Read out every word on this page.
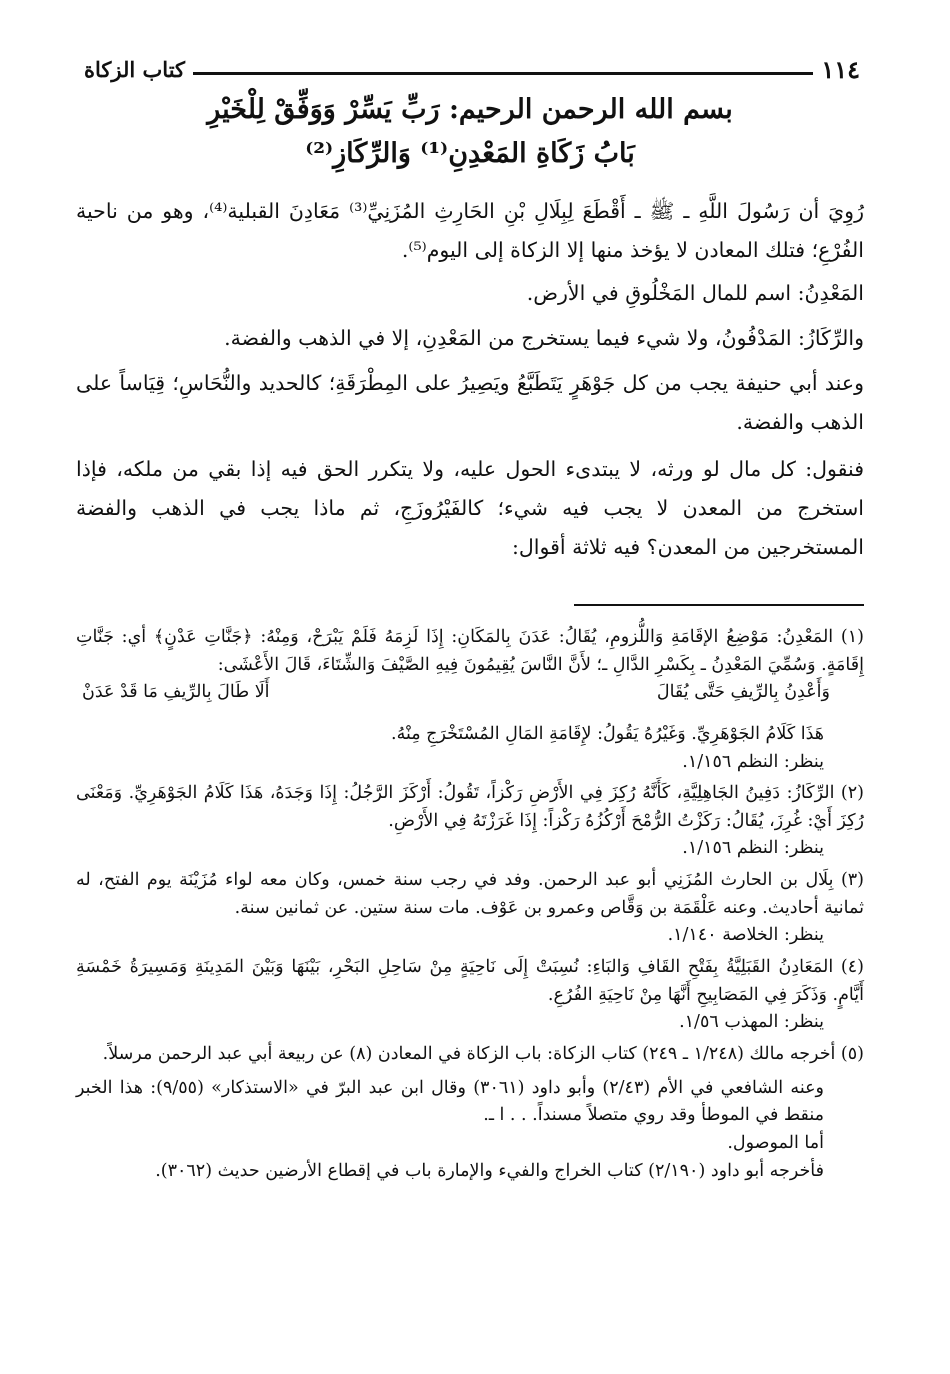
١١٤
كتاب الزكاة
بسم الله الرحمن الرحيم: رَبِّ يَسِّرْ وَوَفِّقْ لِلْخَيْرِ
بَابُ زَكَاةِ المَعْدِنِ⁽¹⁾ وَالرِّكَازِ⁽²⁾

رُوِيَ أن رَسُولَ اللَّهِ ـ ﷺ ـ أَقْطَعَ لِبِلَالِ بْنِ الحَارِثِ المُزَنِيِّ⁽³⁾ مَعَادِنَ القبلية⁽⁴⁾، وهو من ناحية الفُرْعِ؛ فتلك المعادن لا يؤخذ منها إلا الزكاة إلى اليوم⁽⁵⁾.

المَعْدِنُ: اسم للمال المَخْلُوقِ في الأرض.

والرِّكَازُ: المَدْفُونُ، ولا شيء فيما يستخرج من المَعْدِنِ، إلا في الذهب والفضة.

وعند أبي حنيفة يجب من كل جَوْهَرٍ يَتَطَبَّعُ ويَصِيرُ على المِطْرَقَةِ؛ كالحديد والنُّحَاسِ؛ قِيَاساً على الذهب والفضة.

فنقول: كل مال لو ورثه، لا يبتدىء الحول عليه، ولا يتكرر الحق فيه إذا بقي من ملكه، فإذا استخرج من المعدن لا يجب فيه شيء؛ كالفَيْرُوزَجِ، ثم ماذا يجب في الذهب والفضة المستخرجين من المعدن؟ فيه ثلاثة أقوال:

(١) المَعْدِنُ: مَوْضِعُ الإقَامَةِ وَاللُّزومِ، يُقَالُ: عَدَنَ بِالمَكَانِ: إِذَا لَزِمَهُ فَلَمْ يَبْرَحْ، وَمِنْهُ: ﴿جَنَّاتِ عَدْنٍ﴾ أي: جَنَّاتِ إِقَامَةٍ. وَسُمِّيَ المَعْدِنُ ـ بِكَسْرِ الدَّالِ ـ؛ لأَنَّ النَّاسَ يُقِيمُونَ فِيهِ الصَّيْفَ وَالشِّتَاءَ، قَالَ الأَعْشَى:

وَأَعْدِنُ بِالرِّيفِ حَتَّى يُقَالَ
أَلَا طَالَ بِالرِّيفِ مَا قَدْ عَدَنْ

هَذَا كَلَامُ الجَوْهَرِيِّ. وَغَيْرُهُ يَقُولُ: لإِقَامَةِ المَالِ المُسْتَخْرَجِ مِنْهُ.

ينظر: النظم ١/١٥٦.

(٢) الرِّكَازُ: دَفِينُ الجَاهِلِيَّةِ، كَأَنَّهُ رُكِزَ فِي الأَرْضِ رَكْزاً، تَقُولُ: أَرْكَزَ الرَّجُلُ: إِذَا وَجَدَهُ، هَذَا كَلَامُ الجَوْهَرِيِّ. وَمَعْنَى رُكِزَ أَيْ: غُرِزَ، يُقَالُ: رَكَزْتُ الرُّمْحَ أَرْكُزُهُ رَكْزاً: إِذَا غَرَزْتَهُ فِي الأَرْضِ.

ينظر: النظم ١/١٥٦.

(٣) بِلَال بن الحارث المُزَنِي أبو عبد الرحمن. وفد في رجب سنة خمس، وكان معه لواء مُزَيْنَة يوم الفتح، له ثمانية أحاديث. وعنه عَلْقَمَة بن وَقَّاص وعمرو بن عَوْف. مات سنة ستين. عن ثمانين سنة.

ينظر: الخلاصة ١/١٤٠.

(٤) المَعَادِنُ القَبَلِيَّةُ بِفَتْحِ القَافِ وَالبَاءِ: نُسِبَتْ إِلَى نَاحِيَةٍ مِنْ سَاحِلِ البَحْرِ، بَيْنَهَا وَبَيْنَ المَدِينَةِ وَمَسِيرَةُ خَمْسَةِ أَيَّامٍ. وَذَكَرَ فِي المَصَابِيحِ أَنَّهَا مِنْ نَاحِيَةِ الفُرُعِ.

ينظر: المهذب ١/٥٦.

(٥) أخرجه مالك (١/٢٤٨ ـ ٢٤٩) كتاب الزكاة: باب الزكاة في المعادن (٨) عن ربيعة أبي عبد الرحمن مرسلاً.

وعنه الشافعي في الأم (٢/٤٣) وأبو داود (٣٠٦١) وقال ابن عبد البرّ في «الاستذكار» (٩/٥٥): هذا الخبر منقط في الموطأ وقد روي متصلاً مسنداً. . . ا ـ.

أما الموصول.

فأخرجه أبو داود (٢/١٩٠) كتاب الخراج والفيء والإمارة باب في إقطاع الأرضين حديث (٣٠٦٢).
